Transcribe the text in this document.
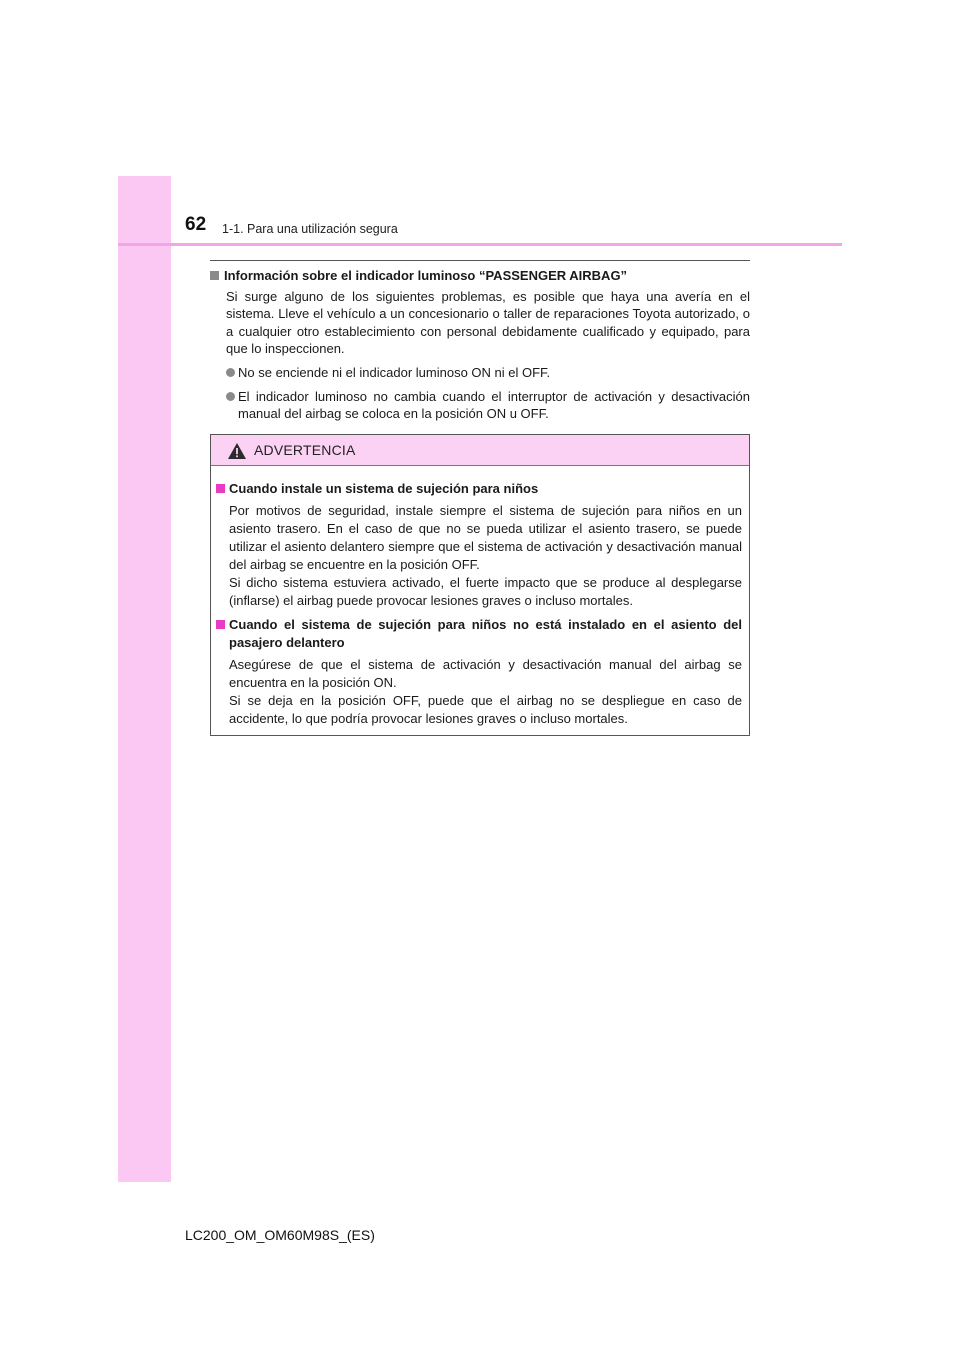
62 1-1. Para una utilización segura
Información sobre el indicador luminoso “PASSENGER AIRBAG”

Si surge alguno de los siguientes problemas, es posible que haya una avería en el sistema. Lleve el vehículo a un concesionario o taller de reparaciones Toyota autorizado, o a cualquier otro establecimiento con personal debidamente cualificado y equipado, para que lo inspeccionen.

No se enciende ni el indicador luminoso ON ni el OFF.
El indicador luminoso no cambia cuando el interruptor de activación y desactivación manual del airbag se coloca en la posición ON u OFF.
ADVERTENCIA
Cuando instale un sistema de sujeción para niños

Por motivos de seguridad, instale siempre el sistema de sujeción para niños en un asiento trasero. En el caso de que no se pueda utilizar el asiento trasero, se puede utilizar el asiento delantero siempre que el sistema de activación y desactivación manual del airbag se encuentre en la posición OFF.
Si dicho sistema estuviera activado, el fuerte impacto que se produce al desplegarse (inflarse) el airbag puede provocar lesiones graves o incluso mortales.

Cuando el sistema de sujeción para niños no está instalado en el asiento del pasajero delantero

Asegúrese de que el sistema de activación y desactivación manual del airbag se encuentra en la posición ON.
Si se deja en la posición OFF, puede que el airbag no se despliegue en caso de accidente, lo que podría provocar lesiones graves o incluso mortales.

LC200_OM_OM60M98S_(ES)
